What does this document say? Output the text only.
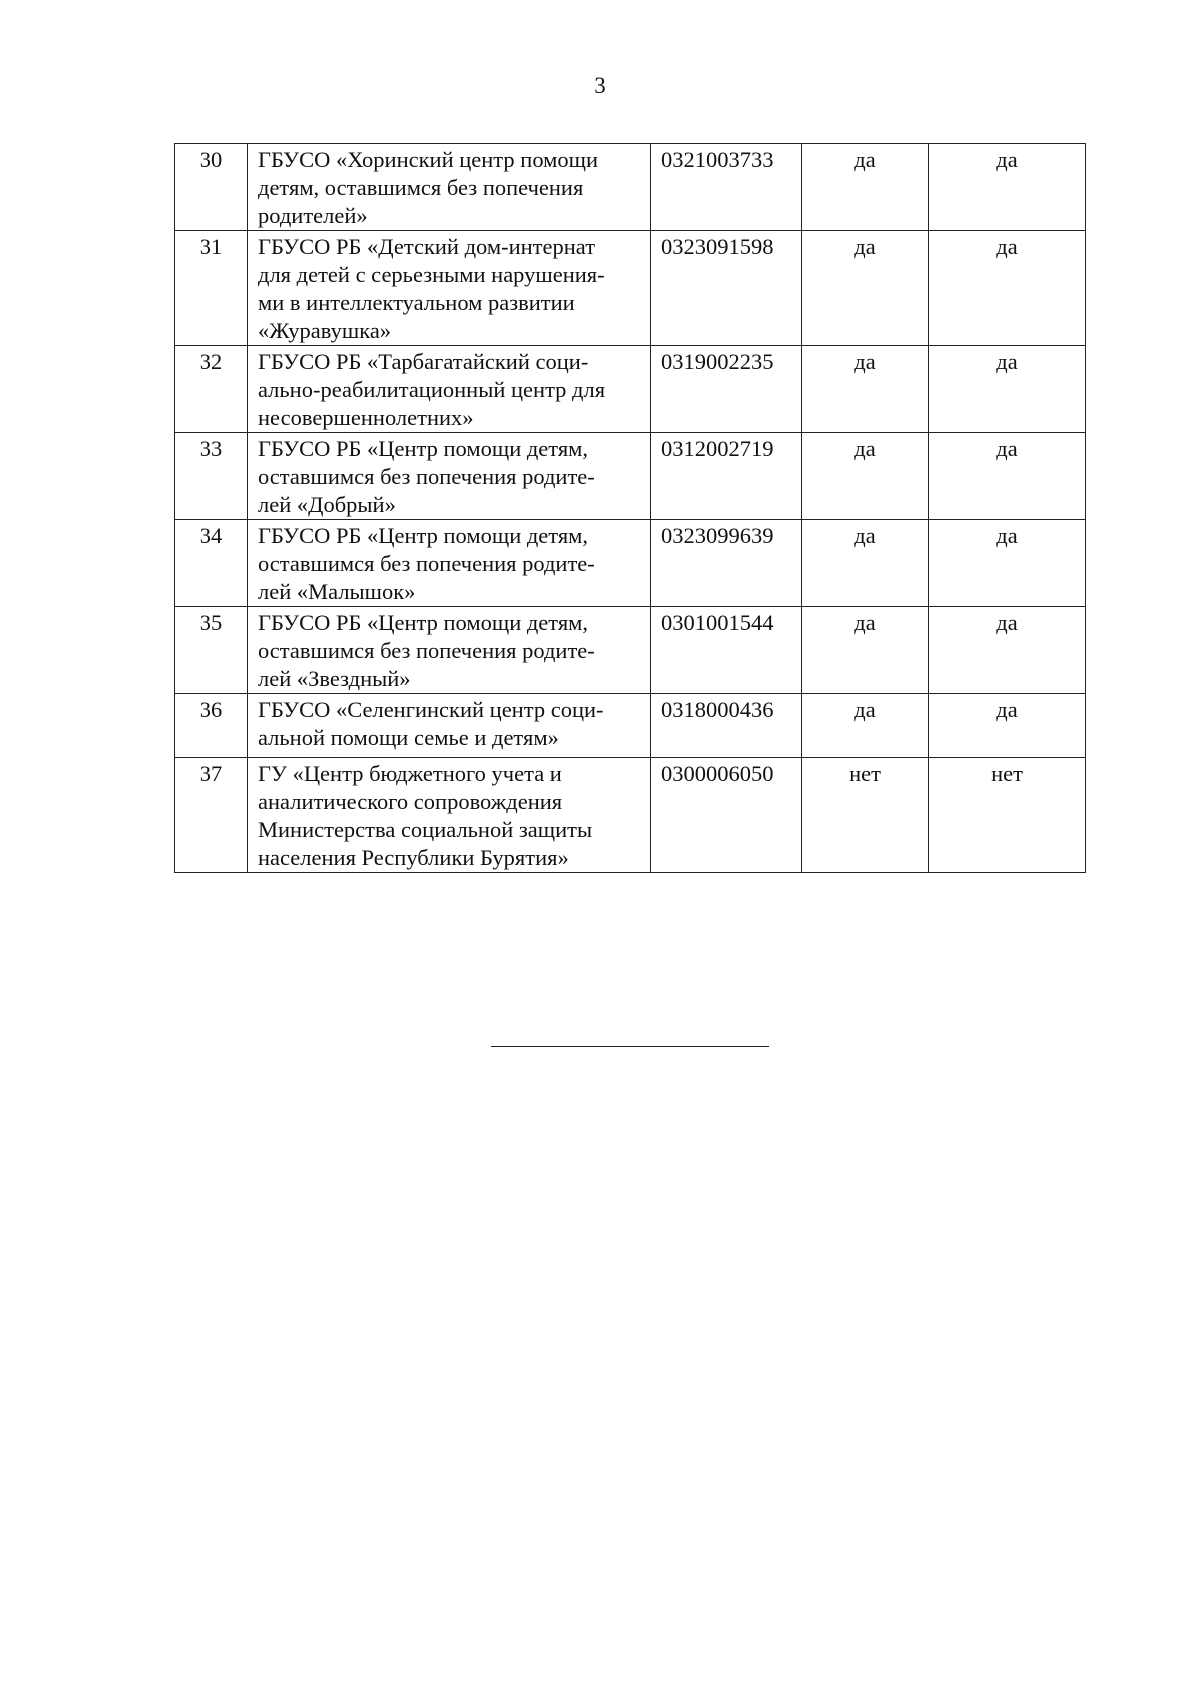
3
30	ГБУСО «Хоринский центр помощи
детям, оставшимся без попечения
родителей»	0321003733	да	да
31	ГБУСО РБ «Детский дом-интернат
для детей с серьезными нарушения-
ми в интеллектуальном развитии
«Журавушка»	0323091598	да	да
32	ГБУСО РБ «Тарбагатайский соци-
ально-реабилитационный центр для
несовершеннолетних»	0319002235	да	да
33	ГБУСО РБ «Центр помощи детям,
оставшимся без попечения родите-
лей «Добрый»	0312002719	да	да
34	ГБУСО РБ «Центр помощи детям,
оставшимся без попечения родите-
лей «Малышок»	0323099639	да	да
35	ГБУСО РБ «Центр помощи детям,
оставшимся без попечения родите-
лей «Звездный»	0301001544	да	да
36	ГБУСО «Селенгинский центр соци-
альной помощи семье и детям»	0318000436	да	да
37	ГУ «Центр бюджетного учета и
аналитического сопровождения
Министерства социальной защиты
населения Республики Бурятия»	0300006050	нет	нет
